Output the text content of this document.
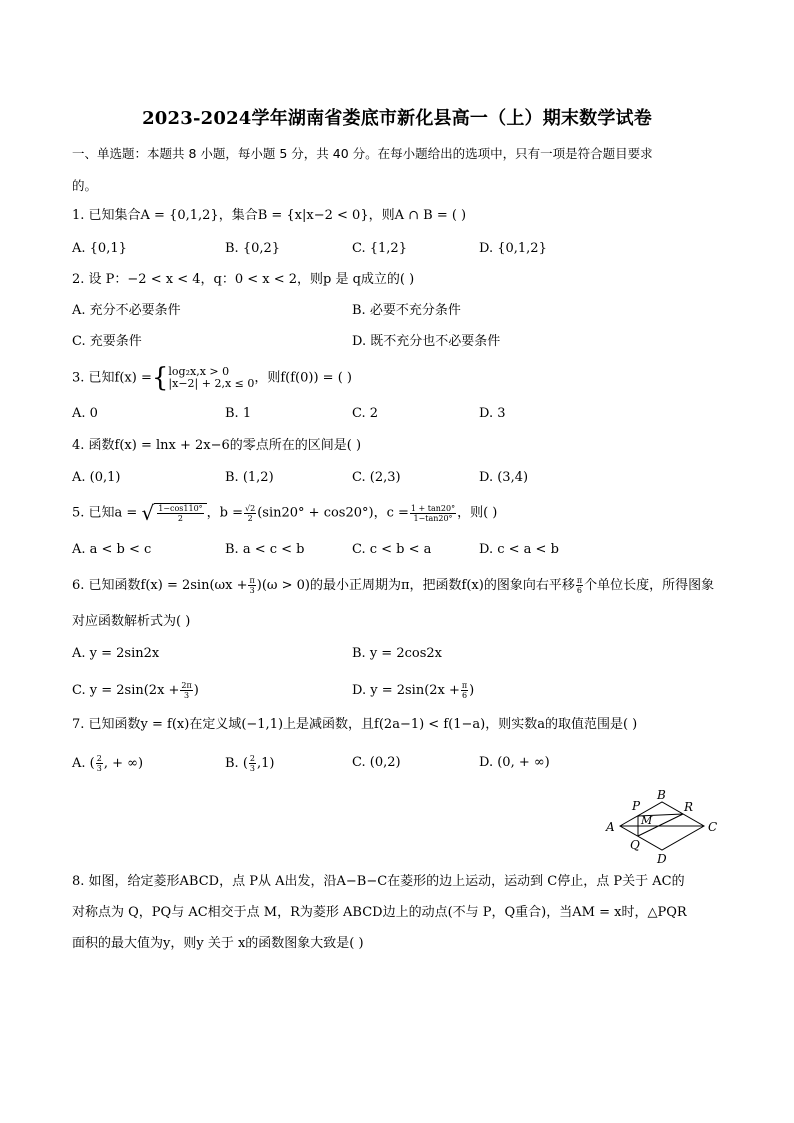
2023-2024学年湖南省娄底市新化县高一（上）期末数学试卷
一、单选题：本题共 8 小题，每小题 5 分，共 40 分。在每小题给出的选项中，只有一项是符合题目要求
的。
1. 已知集合A = {0,1,2}，集合B = {x|x−2 < 0}，则A ∩ B = ( )
A. {0,1}	B. {0,2}	C. {1,2}	D. {0,1,2}
2. 设 P：−2 < x < 4，q：0 < x < 2，则p 是 q成立的( )
A. 充分不必要条件	B. 必要不充分条件
C. 充要条件	D. 既不充分也不必要条件
3. 已知f(x) ={ log₂x,x > 0
|x−2| + 2,x ≤ 0 ，则f(f(0)) = ( )
A. 0	B. 1	C. 2	D. 3
4. 函数f(x) = lnx + 2x−6的零点所在的区间是( )
A. (0,1)	B. (1,2)	C. (2,3)	D. (3,4)
5. 已知a = √ $\frac{1-\cos 110^\circ}{2}$ ，$b = \frac{√2}{2} (\sin 20^\circ + \cos 20^\circ)$，$c = \frac{1 + \tan 20^\circ}{1-\tan 20^\circ}$ ，则( )
A. a < b < c	B. a < c < b	C. c < b < a	D. c < a < b
6. 已知函数$f(x) = 2\sin(\omega x + \frac{\pi}{3} )(\omega > 0)$的最小正周期为π，把函数f(x)的图象向右平移 $\frac{\pi}{6}$ 个单位长度，所得图象
对应函数解析式为( )
A. y = 2sin2x	B. y = 2cos2x
C. $y = 2\sin(2x + \frac{2\pi}{3}$ )	D. $y = 2\sin(2x + \frac{\pi}{6}$ )
7. 已知函数y = f(x)在定义域(−1,1)上是减函数，且f(2a−1) < f(1−a)，则实数a的取值范围是( )
A. ( $\frac{2}{3}$ , + ∞)	B. ( $\frac{2}{3} ,1$)	C. (0,2)	D. (0, + ∞)
A
B
C
D
P
Q
M
R
8. 如图，给定菱形ABCD，点 P从 A出发，沿A−B−C在菱形的边上运动，运动到 C停止，点 P关于 AC的
对称点为 Q，PQ与 AC相交于点 M，R为菱形 ABCD边上的动点(不与 P，Q重合)，当AM = x时，△PQR
面积的最大值为y，则y 关于 x的函数图象大致是( )
